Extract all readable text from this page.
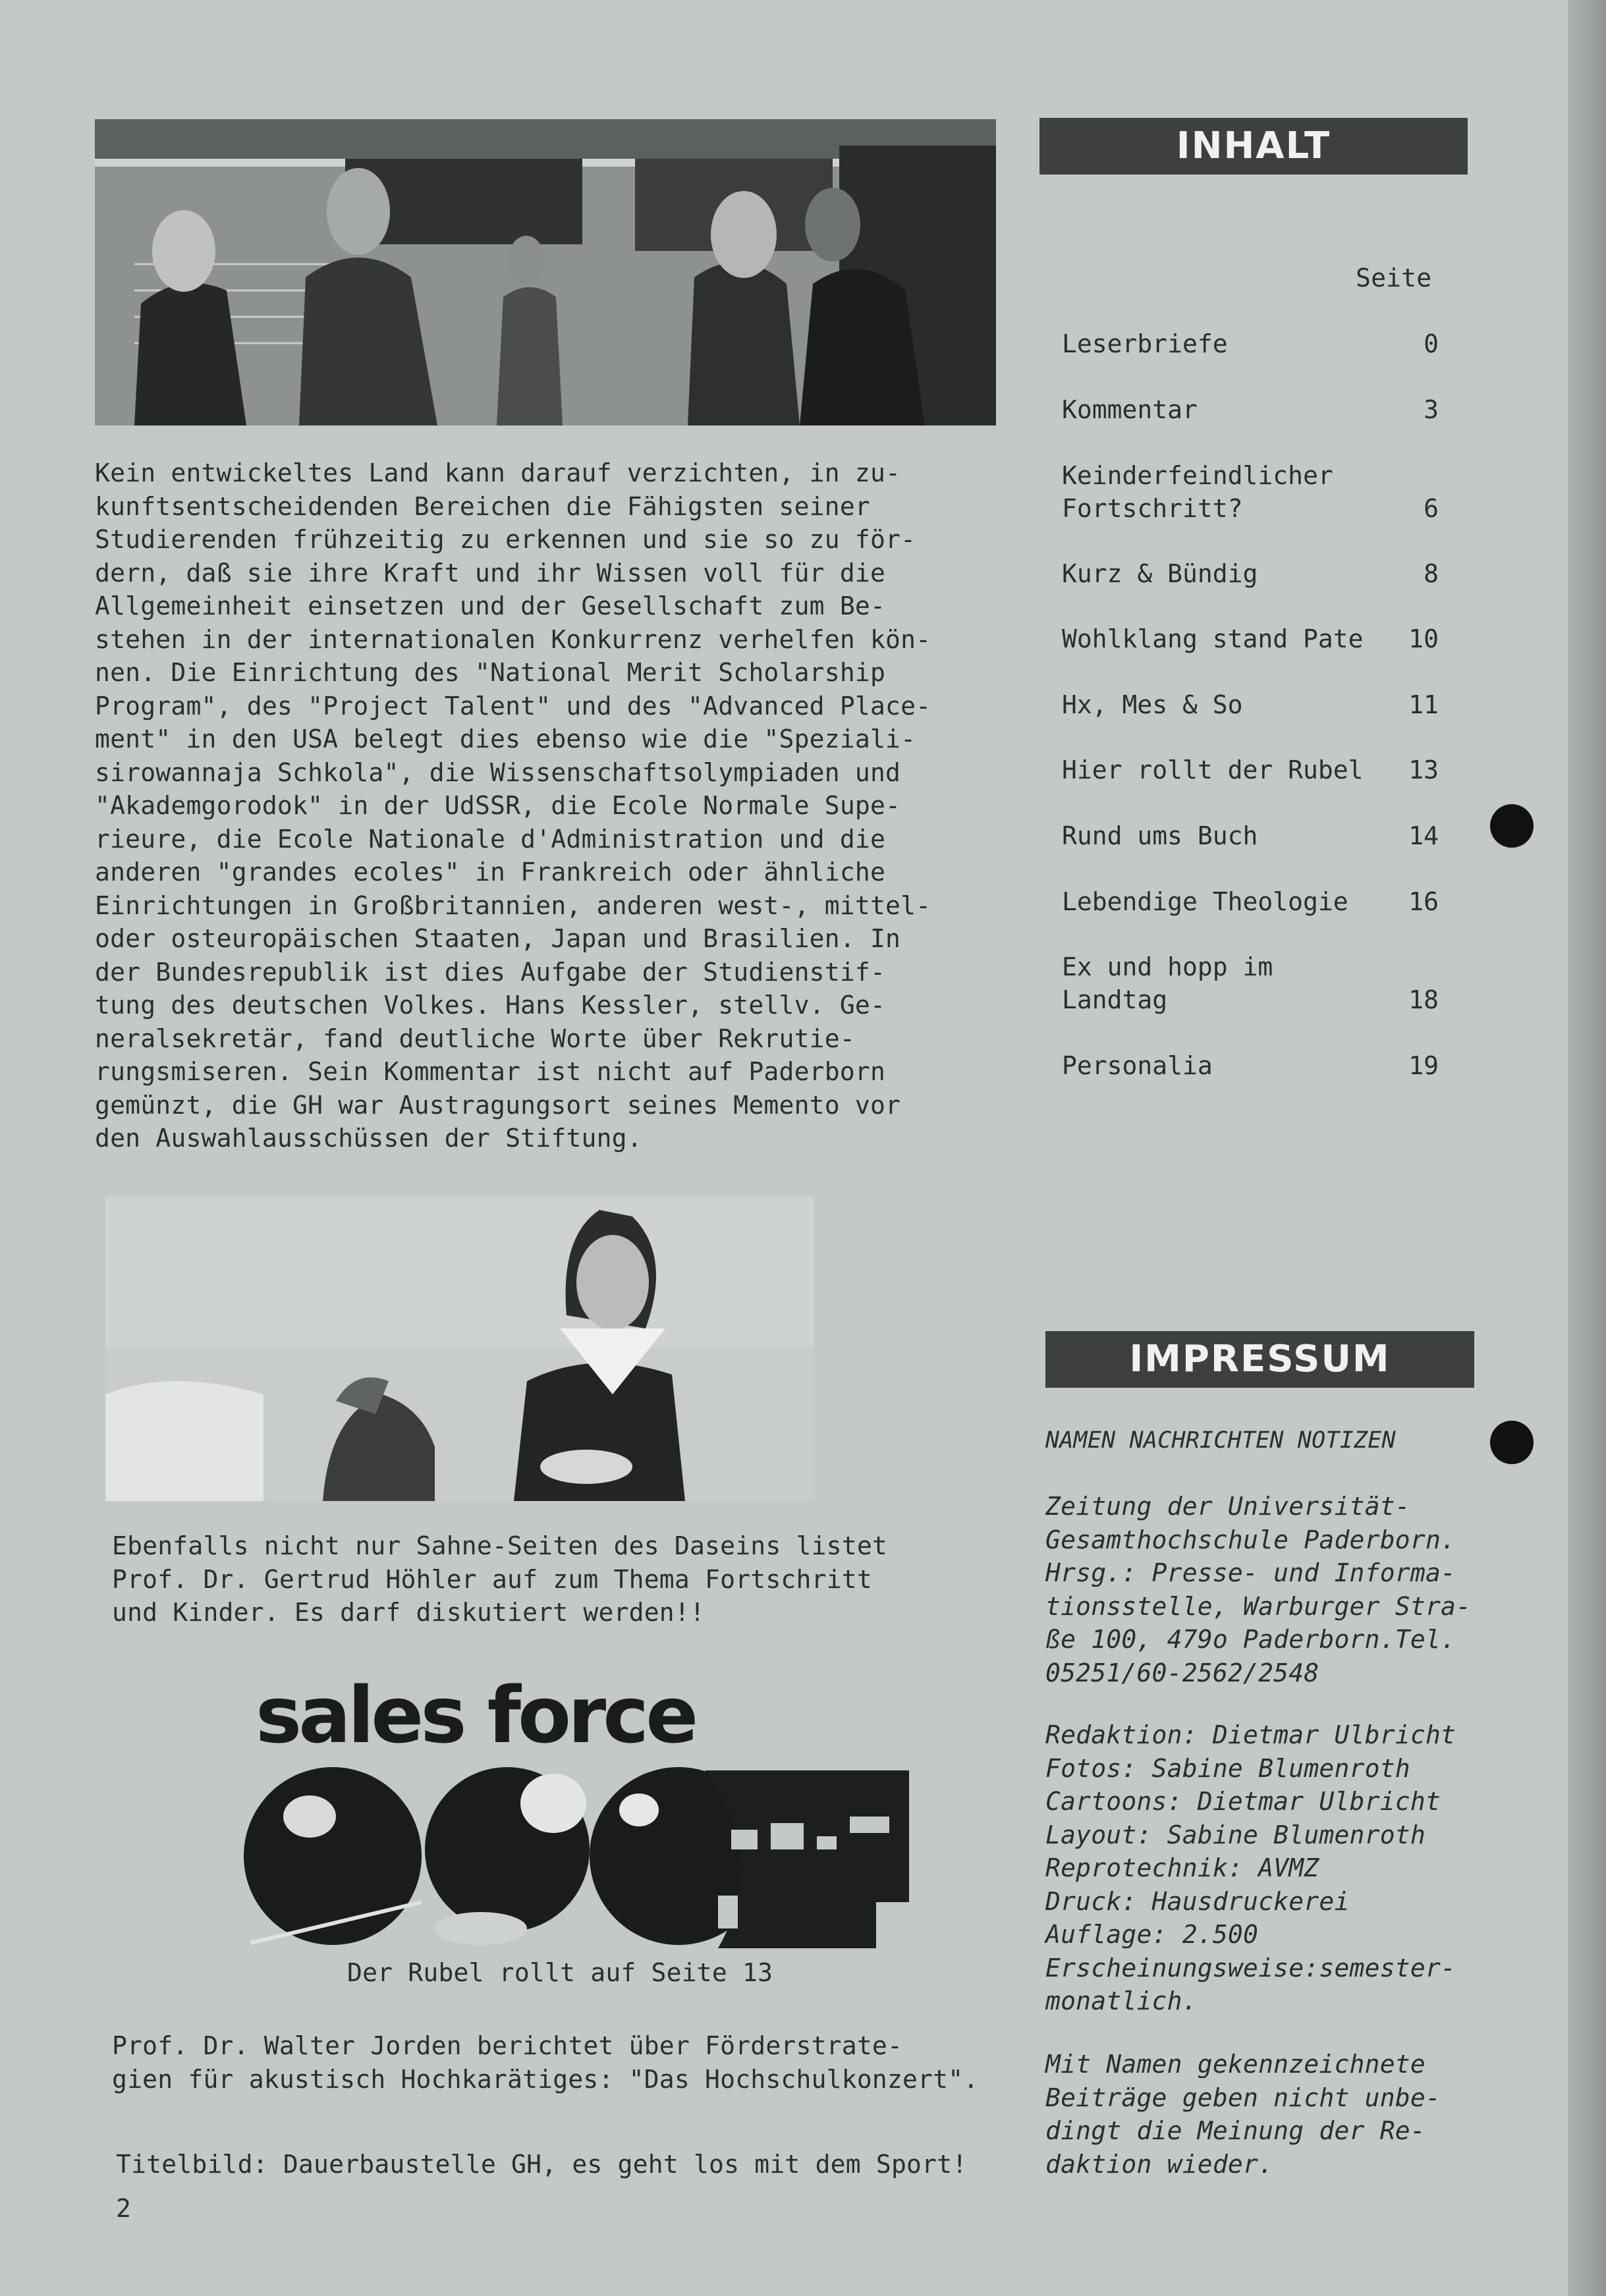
Kein entwickeltes Land kann darauf verzichten, in zu-
kunftsentscheidenden Bereichen die Fähigsten seiner
Studierenden frühzeitig zu erkennen und sie so zu för-
dern, daß sie ihre Kraft und ihr Wissen voll für die
Allgemeinheit einsetzen und der Gesellschaft zum Be-
stehen in der internationalen Konkurrenz verhelfen kön-
nen. Die Einrichtung des "National Merit Scholarship
Program", des "Project Talent" und des "Advanced Place-
ment" in den USA belegt dies ebenso wie die "Speziali-
sirowannaja Schkola", die Wissenschaftsolympiaden und
"Akademgorodok" in der UdSSR, die Ecole Normale Supe-
rieure, die Ecole Nationale d'Administration und die
anderen "grandes ecoles" in Frankreich oder ähnliche
Einrichtungen in Großbritannien, anderen west-, mittel-
oder osteuropäischen Staaten, Japan und Brasilien. In
der Bundesrepublik ist dies Aufgabe der Studienstif-
tung des deutschen Volkes. Hans Kessler, stellv. Ge-
neralsekretär, fand deutliche Worte über Rekrutie-
rungsmiseren. Sein Kommentar ist nicht auf Paderborn
gemünzt, die GH war Austragungsort seines Memento vor
den Auswahlausschüssen der Stiftung.
Ebenfalls nicht nur Sahne-Seiten des Daseins listet
Prof. Dr. Gertrud Höhler auf zum Thema Fortschritt
und Kinder. Es darf diskutiert werden!!
sales force
Der Rubel rollt auf Seite 13
Prof. Dr. Walter Jorden berichtet über Förderstrate-
gien für akustisch Hochkarätiges: "Das Hochschulkonzert".
Titelbild: Dauerbaustelle GH, es geht los mit dem Sport!
2
INHALT
Seite
Leserbriefe	0
Kommentar	3
Keinderfeindlicher
Fortschritt?	6
Kurz & Bündig	8
Wohlklang stand Pate 10
Hx, Mes & So	11
Hier rollt der Rubel 13
Rund ums Buch	14
Lebendige Theologie 16
Ex und hopp im
Landtag	18
Personalia	19
IMPRESSUM
NAMEN NACHRICHTEN NOTIZEN
Zeitung der Universität-
Gesamthochschule Paderborn.
Hrsg.: Presse- und Informa-
tionsstelle, Warburger Stra-
ße 100, 479o Paderborn.Tel.
05251/60-2562/2548
Redaktion: Dietmar Ulbricht
Fotos: Sabine Blumenroth
Cartoons: Dietmar Ulbricht
Layout: Sabine Blumenroth
Reprotechnik: AVMZ
Druck: Hausdruckerei
Auflage: 2.500
Erscheinungsweise:semester-
monatlich.
Mit Namen gekennzeichnete
Beiträge geben nicht unbe-
dingt die Meinung der Re-
daktion wieder.
